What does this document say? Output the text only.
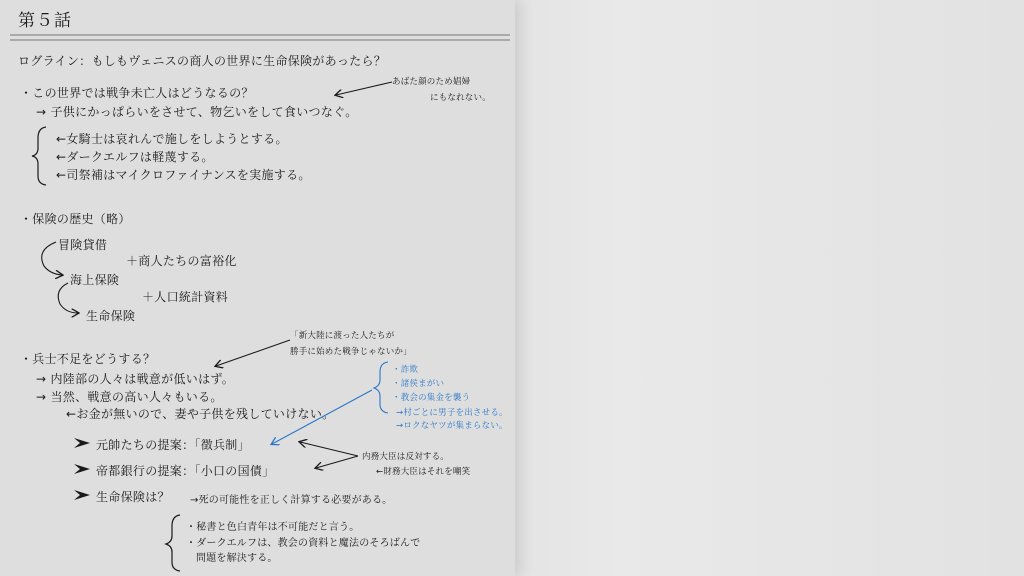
第５話
ログライン：もしもヴェニスの商人の世界に生命保険があったら？
・この世界では戦争未亡人はどうなるの？
→ 子供にかっぱらいをさせて、物乞いをして食いつなぐ。
あばた顔のため娼婦
にもなれない。
←女騎士は哀れんで施しをしようとする。
←ダークエルフは軽蔑する。
←司祭補はマイクロファイナンスを実施する。
・保険の歴史（略）
冒険貸借
＋商人たちの富裕化
海上保険
＋人口統計資料
生命保険
「新大陸に渡った人たちが
勝手に始めた戦争じゃないか」
・兵士不足をどうする？
→ 内陸部の人々は戦意が低いはず。
→ 当然、戦意の高い人々もいる。
←お金が無いので、妻や子供を残していけない。
・詐欺
・諸侯まがい
・教会の集金を襲う
→村ごとに男子を出させる。
→ロクなヤツが集まらない。
元帥たちの提案：「徴兵制」
帝都銀行の提案：「小口の国債」
生命保険は？ →死の可能性を正しく計算する必要がある。
内務大臣は反対する。
←財務大臣はそれを嘲笑
・秘書と色白青年は不可能だと言う。
・ダークエルフは、教会の資料と魔法のそろばんで
問題を解決する。
